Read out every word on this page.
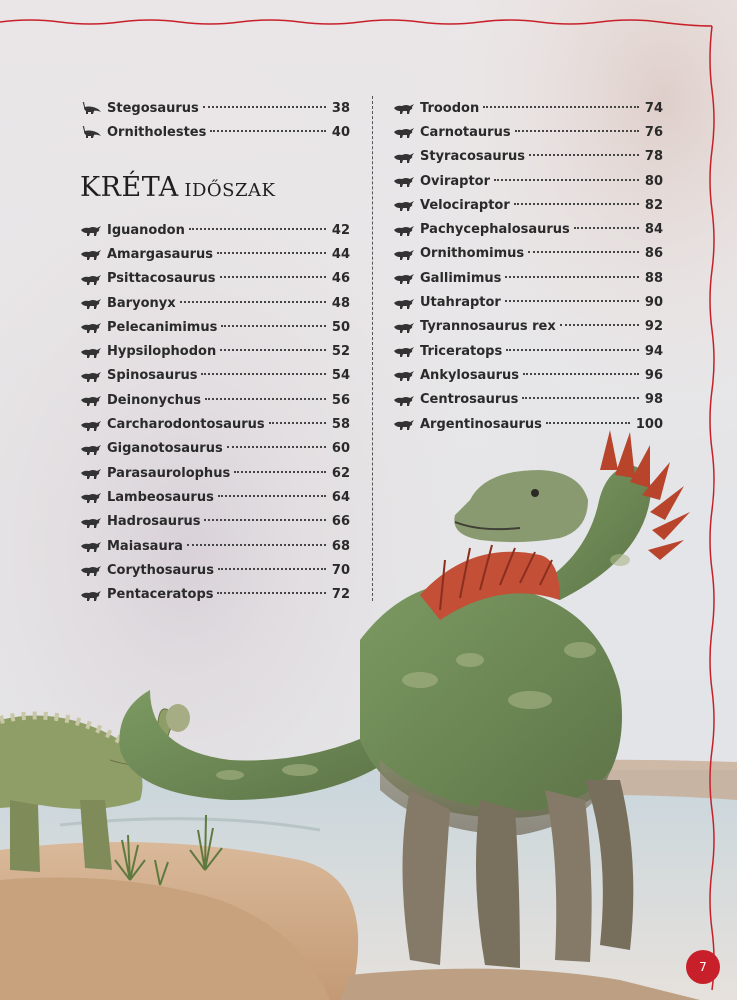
KRÉTA IDŐSZAK
Stegosaurus	38
Ornitholestes	40
Iguanodon	42
Amargasaurus	44
Psittacosaurus	46
Baryonyx	48
Pelecanimimus	50
Hypsilophodon	52
Spinosaurus	54
Deinonychus	56
Carcharodontosaurus	58
Giganotosaurus	60
Parasaurolophus	62
Lambeosaurus	64
Hadrosaurus	66
Maiasaura	68
Corythosaurus	70
Pentaceratops	72
Troodon	74
Carnotaurus	76
Styracosaurus	78
Oviraptor	80
Velociraptor	82
Pachycephalosaurus	84
Ornithomimus	86
Gallimimus	88
Utahraptor	90
Tyrannosaurus rex	92
Triceratops	94
Ankylosaurus	96
Centrosaurus	98
Argentinosaurus	100
7
